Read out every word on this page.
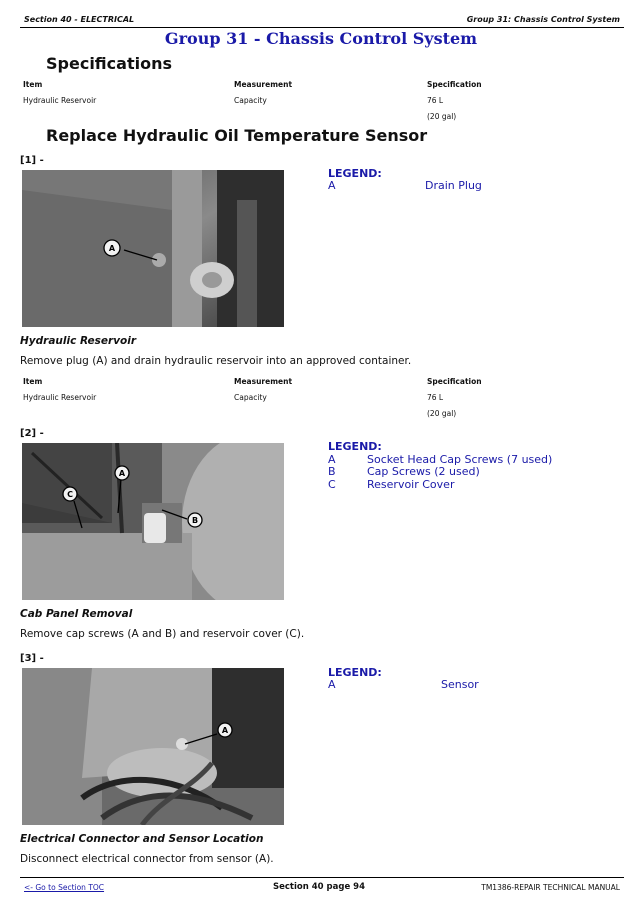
Section 40 - ELECTRICAL	Group 31: Chassis Control System
Group 31 - Chassis Control System
Specifications
Item	Measurement	Specification
Hydraulic Reservoir	Capacity	76 L
(20 gal)
Replace Hydraulic Oil Temperature Sensor
[1] -
A
LEGEND:
A	Drain Plug
Hydraulic Reservoir
Remove plug (A) and drain hydraulic reservoir into an approved container.
Item	Measurement	Specification
Hydraulic Reservoir	Capacity	76 L
(20 gal)
[2] -
A
B
C
LEGEND:
A	Socket Head Cap Screws (7 used)
B	Cap Screws (2 used)
C	Reservoir Cover
Cab Panel Removal
Remove cap screws (A and B) and reservoir cover (C).
[3] -
A
LEGEND:
A	Sensor
Electrical Connector and Sensor Location
Disconnect electrical connector from sensor (A).
<- Go to Section TOC	Section 40 page 94	TM1386-REPAIR TECHNICAL MANUAL
